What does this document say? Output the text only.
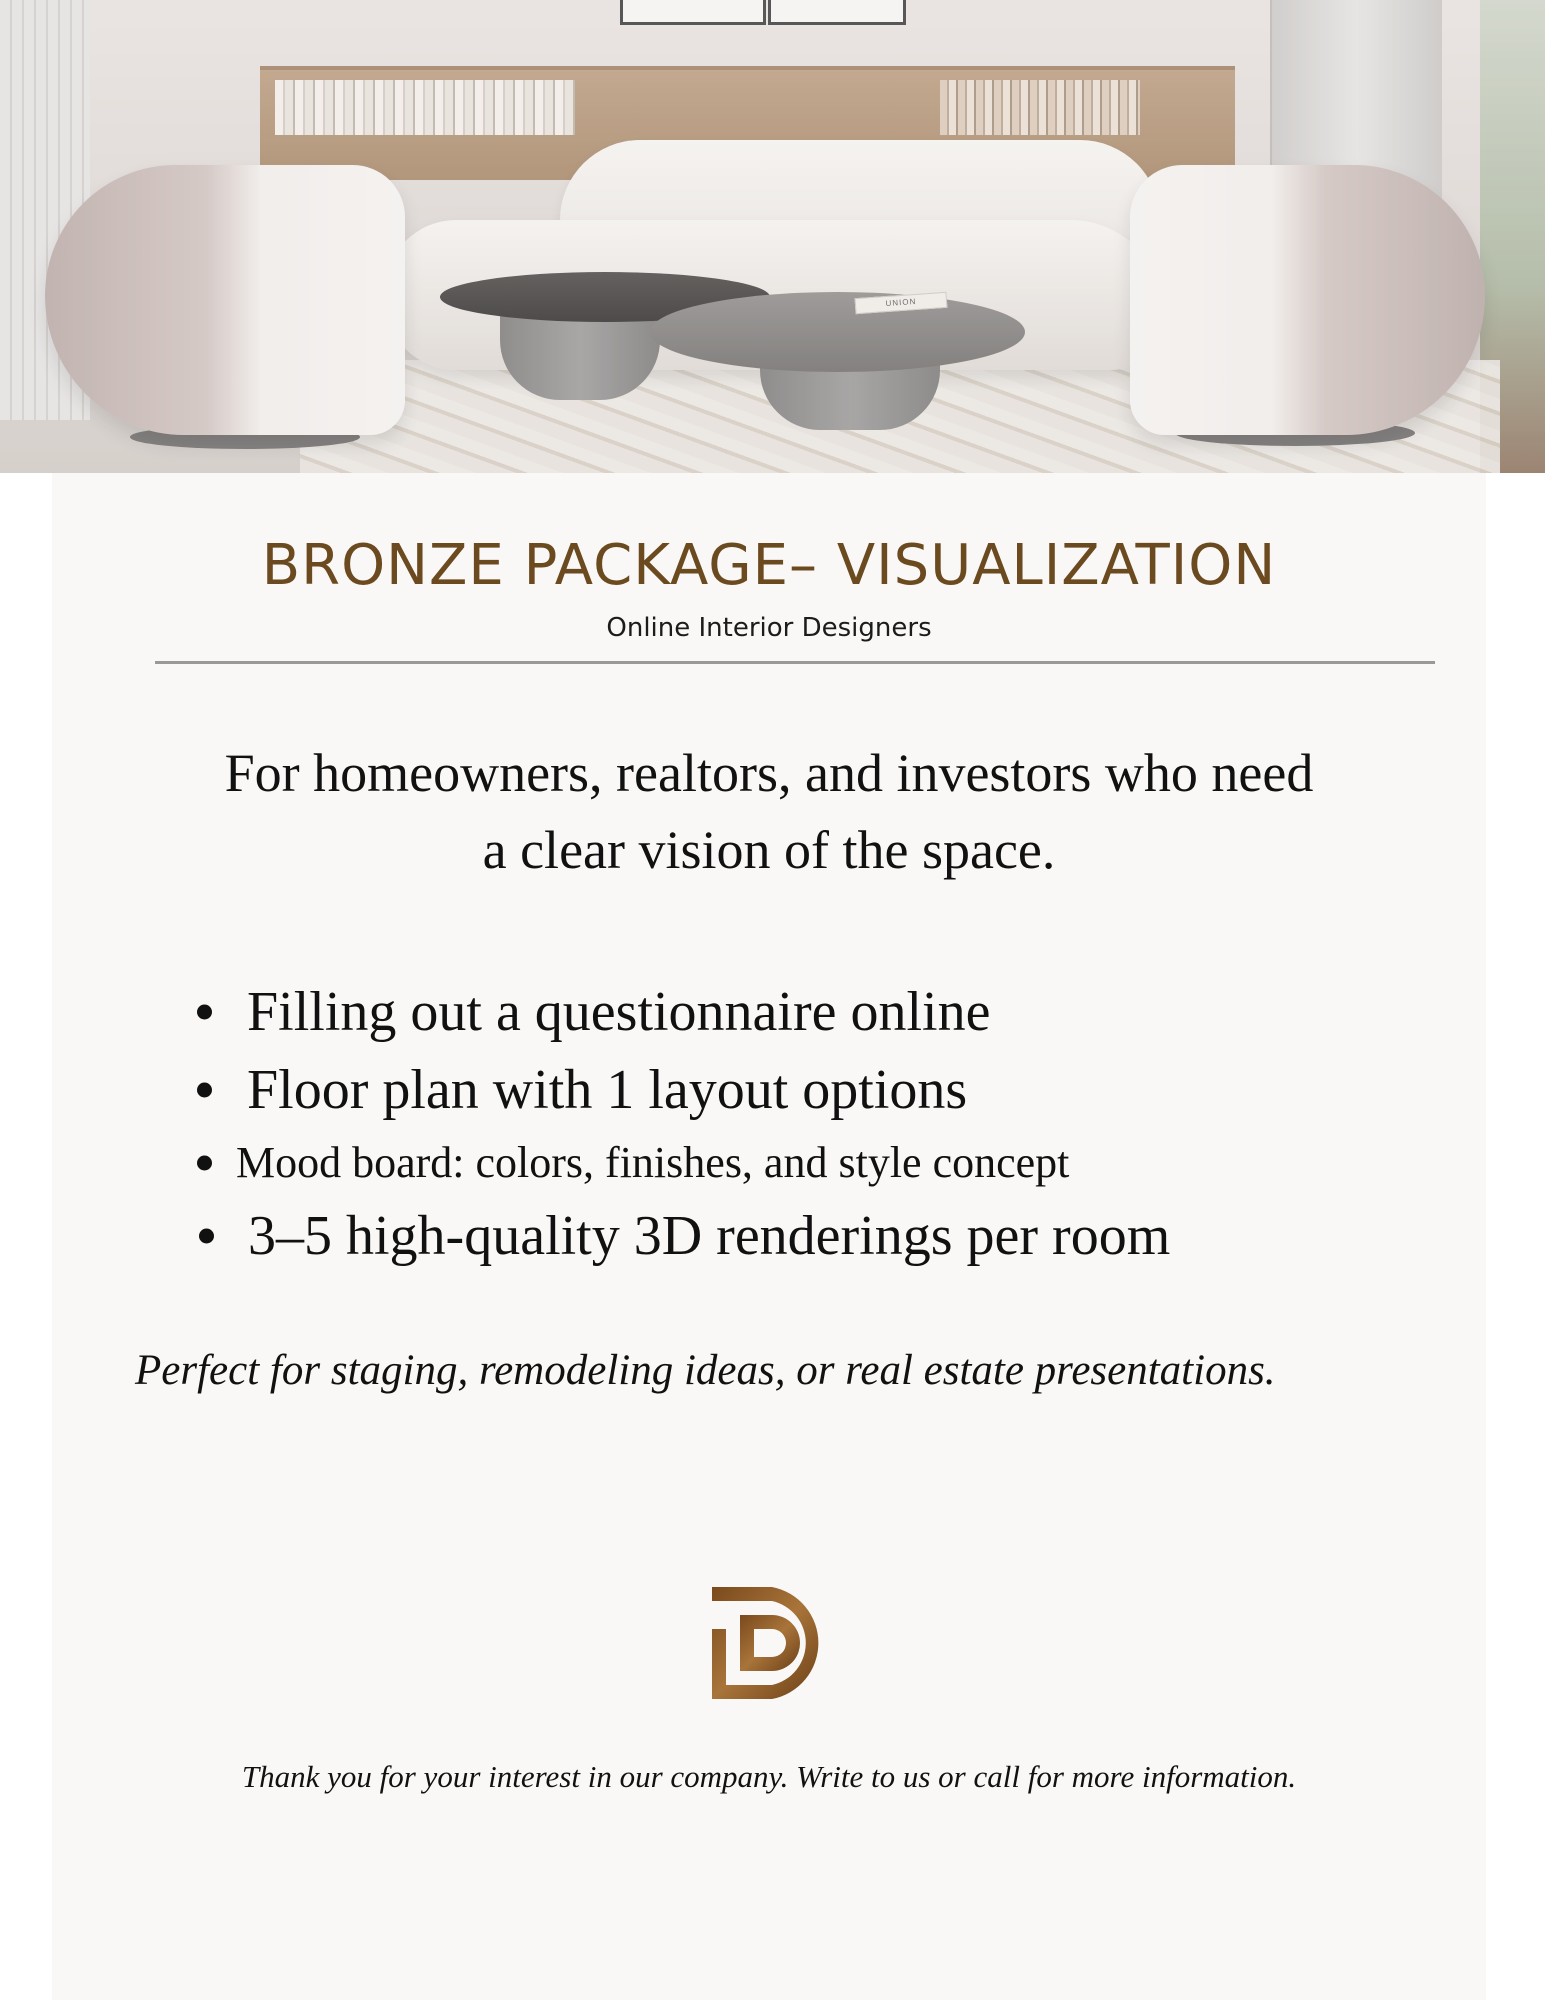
UNION
BRONZE PACKAGE– VISUALIZATION

Online Interior Designers

For homeowners, realtors, and investors who need
a clear vision of the space.

Filling out a questionnaire online
Floor plan with 1 layout options
Mood board: colors, finishes, and style concept
3–5 high-quality 3D renderings per room

Perfect for staging, remodeling ideas, or real estate presentations.

Thank you for your interest in our company. Write to us or call for more information.
